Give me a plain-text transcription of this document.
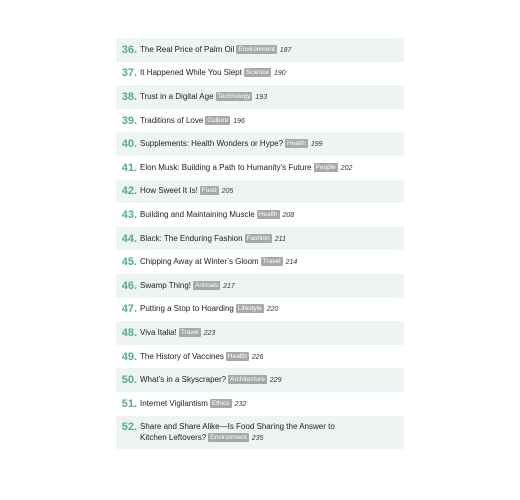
36. The Real Price of Palm Oil Environment 187
37. It Happened While You Slept Science 190
38. Trust in a Digital Age Technology 193
39. Traditions of Love Culture 196
40. Supplements: Health Wonders or Hype? Health 199
41. Elon Musk: Building a Path to Humanity’s Future People 202
42. How Sweet It Is! Food 205
43. Building and Maintaining Muscle Health 208
44. Black: The Enduring Fashion Fashion 211
45. Chipping Away at Winter’s Gloom Travel 214
46. Swamp Thing! Animals 217
47. Putting a Stop to Hoarding Lifestyle 220
48. Viva Italia! Travel 223
49. The History of Vaccines Health 226
50. What’s in a Skyscraper? Architecture 229
51. Internet Vigilantism Ethics 232
52. Share and Share Alike—Is Food Sharing the Answer to Kitchen Leftovers? Environment 235
